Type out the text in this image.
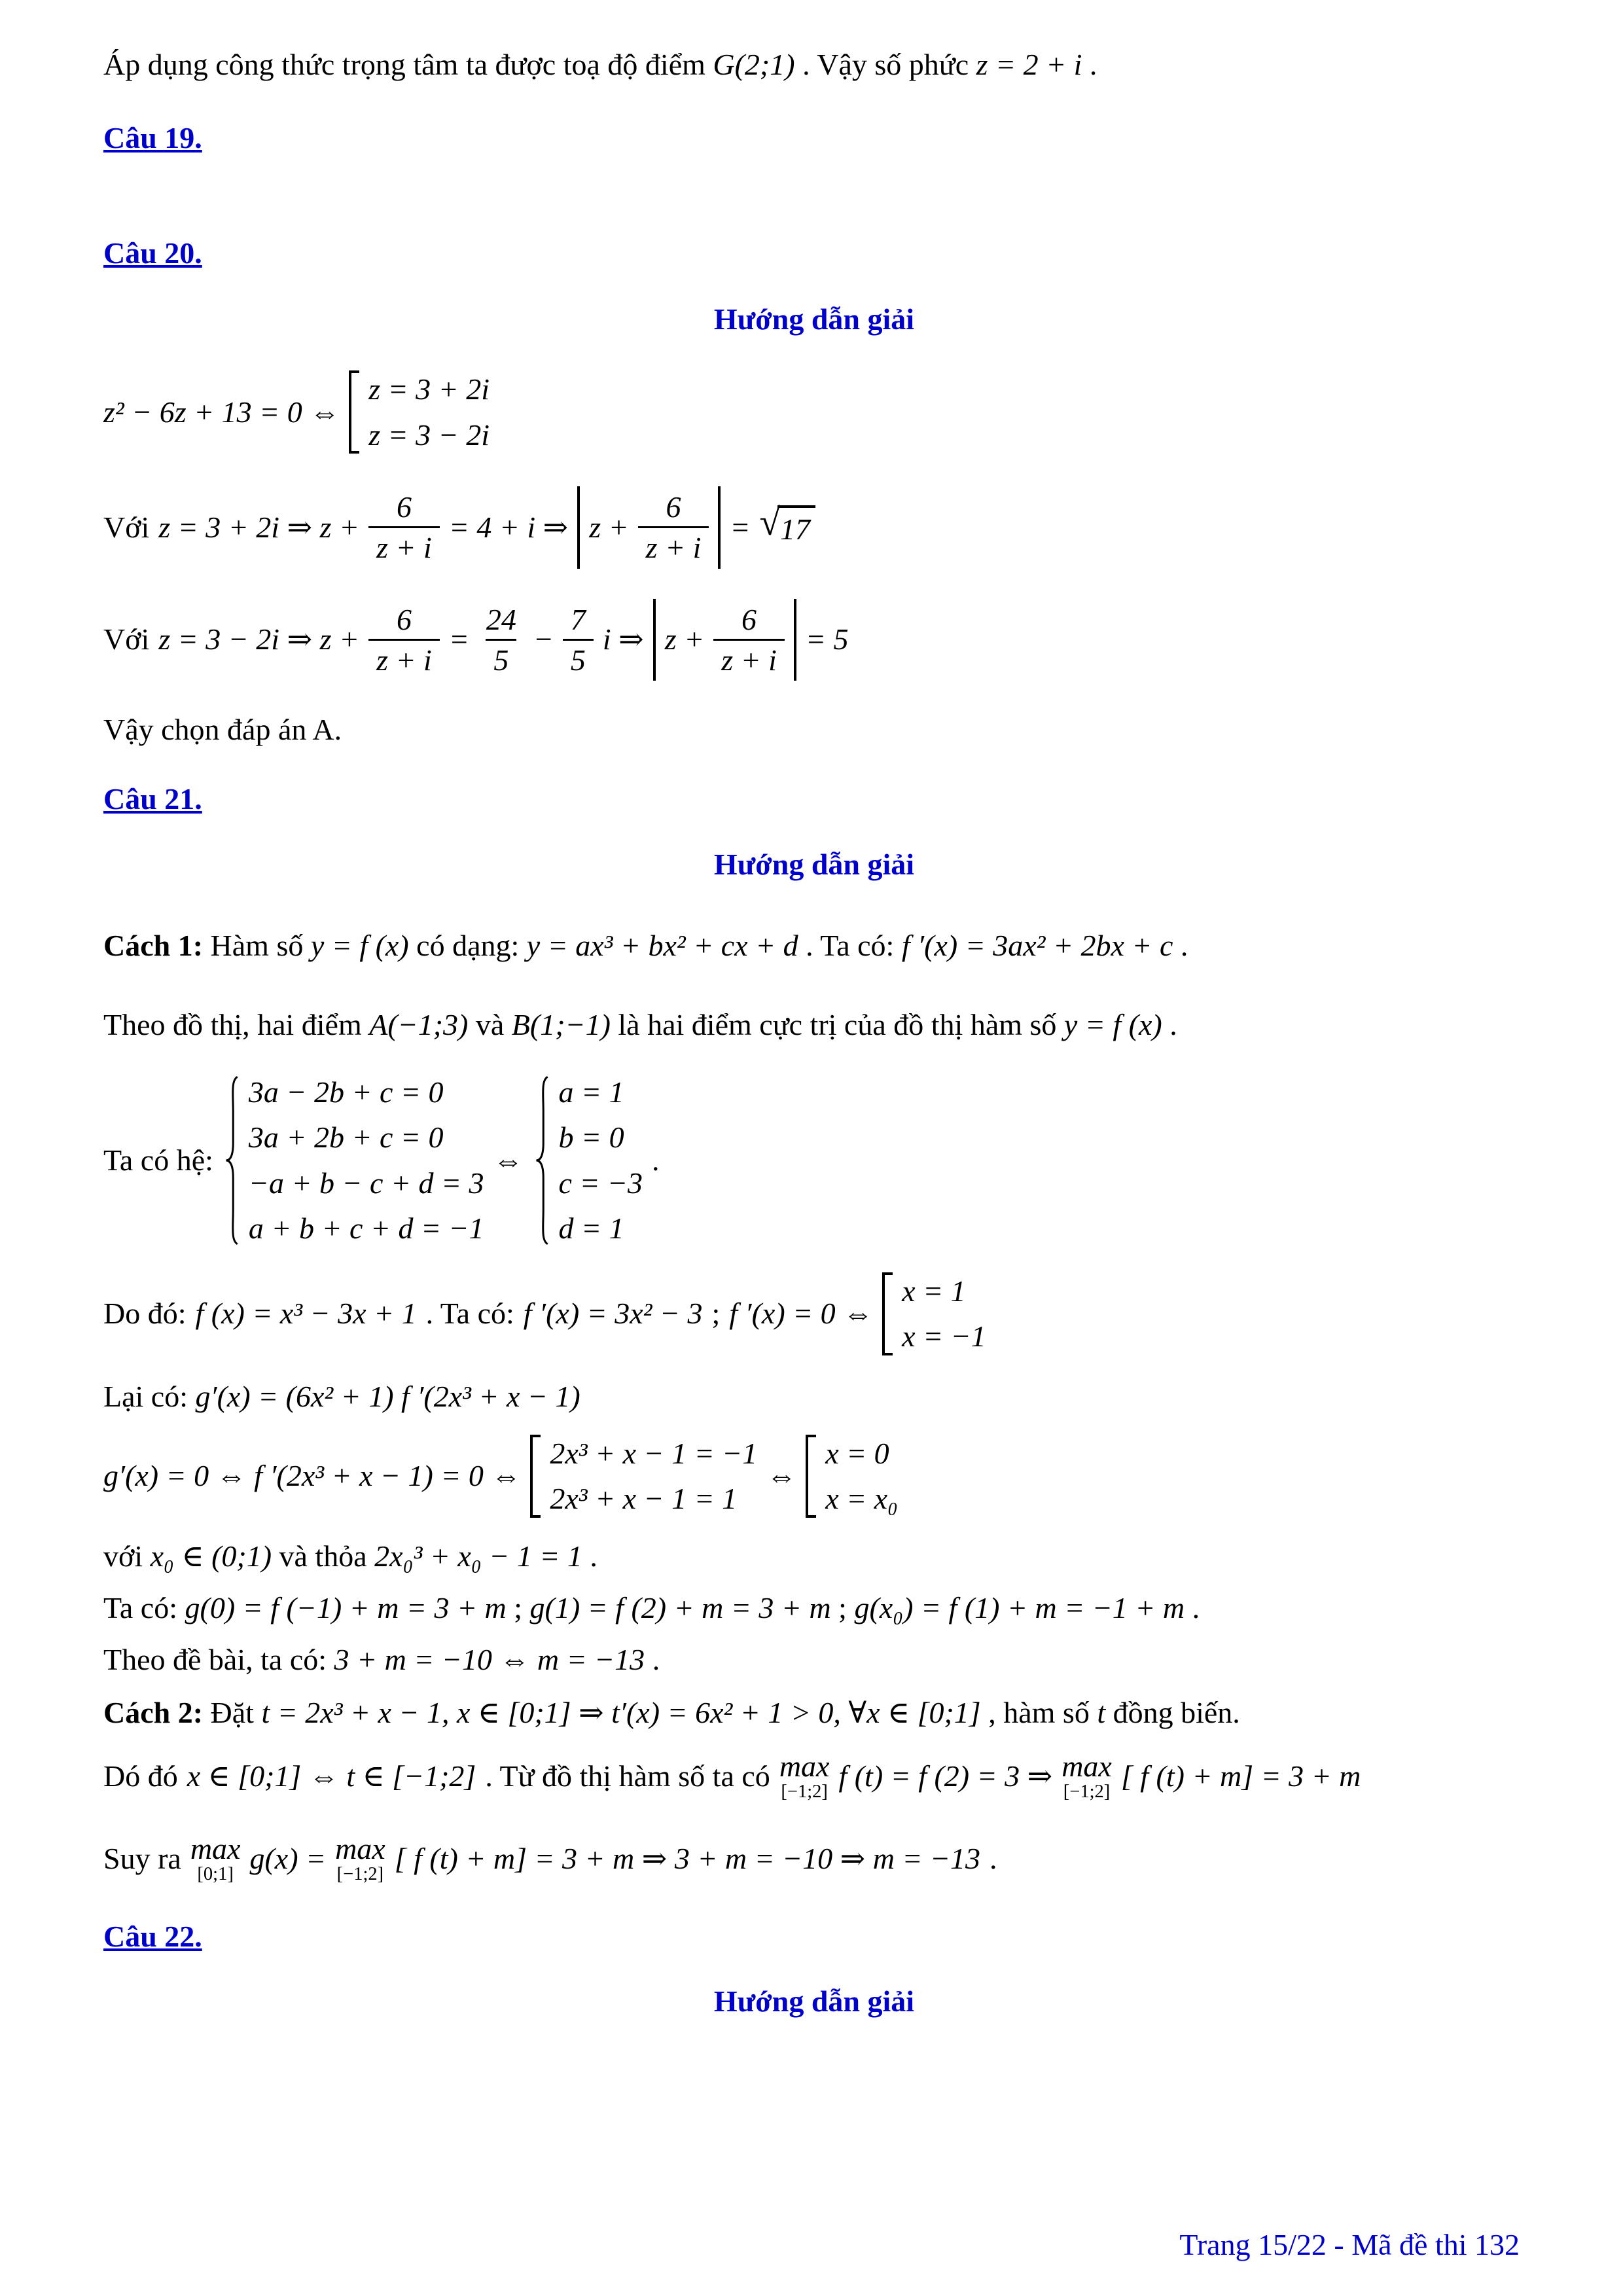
Áp dụng công thức trọng tâm ta được toạ độ điểm G(2;1) . Vậy số phức z = 2 + i .
Câu 19.
Câu 20.
Hướng dẫn giải
z² − 6z + 13 = 0 ⇔
z = 3 + 2i
z = 3 − 2i
Với z = 3 + 2i ⇒ $z + \frac{6}{z + i} = 4 + i$ ⇒ $z + \frac{6}{z + i}$ = √ 17
Với z = 3 − 2i ⇒ $z + \frac{6}{z + i} = \frac{24}{5} - \frac{7}{5}$ i ⇒ $z + \frac{6}{z + i} = 5$
Vậy chọn đáp án A.
Câu 21.
Hướng dẫn giải
Cách 1: Hàm số y = f (x) có dạng: y = ax³ + bx² + cx + d . Ta có: f ′(x) = 3ax² + 2bx + c .
Theo đồ thị, hai điểm A(−1;3) và B(1;−1) là hai điểm cực trị của đồ thị hàm số y = f (x) .
Ta có hệ:
3a − 2b + c = 0
3a + 2b + c = 0
−a + b − c + d = 3
a + b + c + d = −1
⇔
a = 1
b = 0
c = −3
d = 1
.
Do đó: f (x) = x³ − 3x + 1 . Ta có: f ′(x) = 3x² − 3 ; f ′(x) = 0 ⇔
x = 1
x = −1
Lại có: g′(x) = (6x² + 1) f ′(2x³ + x − 1)
g′(x) = 0 ⇔ f ′(2x³ + x − 1) = 0 ⇔
2x³ + x − 1 = −1
2x³ + x − 1 = 1
⇔
x = 0
x = x₀
với x₀ ∈ (0;1) và thỏa 2x₀³ + x₀ − 1 = 1 .
Ta có: g(0) = f (−1) + m = 3 + m ; g(1) = f (2) + m = 3 + m ; g(x₀) = f (1) + m = −1 + m .
Theo đề bài, ta có: 3 + m = −10 ⇔ m = −13 .
Cách 2: Đặt t = 2x³ + x − 1, x ∈ [0;1] ⇒ t′(x) = 6x² + 1 > 0, ∀x ∈ [0;1] , hàm số t đồng biến.
Dó đó x ∈ [0;1] ⇔ t ∈ [−1;2] . Từ đồ thị hàm số ta có max
[−1;2] f (t) = f (2) = 3 ⇒ max
[−1;2] [ f (t) + m] = 3 + m
Suy ra max
[0;1] g(x) = max
[−1;2] [ f (t) + m] = 3 + m ⇒ 3 + m = −10 ⇒ m = −13 .
Câu 22.
Hướng dẫn giải
Trang 15/22 - Mã đề thi 132
